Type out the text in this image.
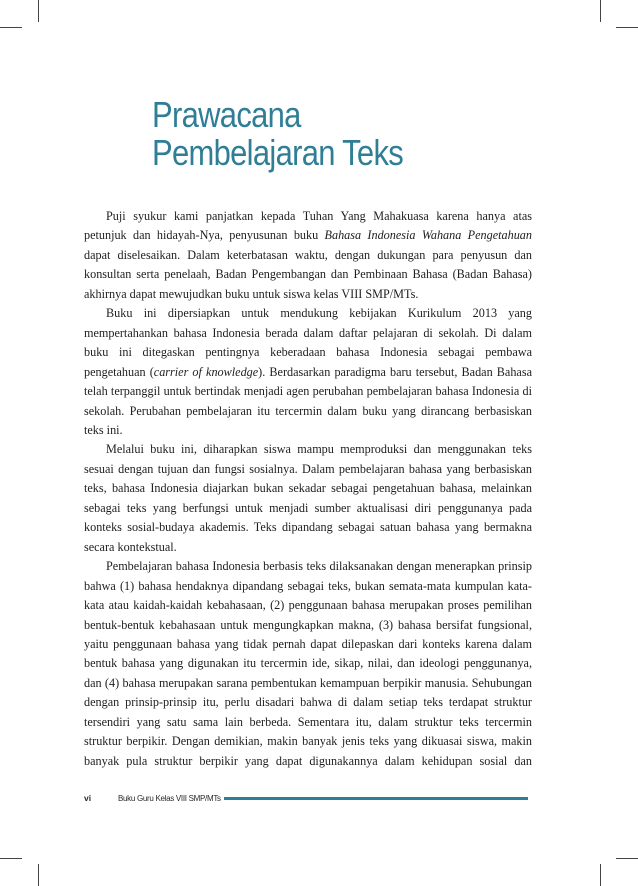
Prawacana
Pembelajaran Teks

Puji syukur kami panjatkan kepada Tuhan Yang Mahakuasa karena hanya atas petunjuk dan hidayah-Nya, penyusunan buku Bahasa Indonesia Wahana Pengetahuan dapat diselesaikan. Dalam keterbatasan waktu, dengan dukungan para penyusun dan konsultan serta penelaah, Badan Pengembangan dan Pembinaan Bahasa (Badan Bahasa) akhirnya dapat mewujudkan buku untuk siswa kelas VIII SMP/MTs.

Buku ini dipersiapkan untuk mendukung kebijakan Kurikulum 2013 yang mempertahankan bahasa Indonesia berada dalam daftar pelajaran di sekolah. Di dalam buku ini ditegaskan pentingnya keberadaan bahasa Indonesia sebagai pembawa pengetahuan (carrier of knowledge). Berdasarkan paradigma baru tersebut, Badan Bahasa telah terpanggil untuk bertindak menjadi agen perubahan pembelajaran bahasa Indonesia di sekolah. Perubahan pembelajaran itu tercermin dalam buku yang dirancang berbasiskan teks ini.

Melalui buku ini, diharapkan siswa mampu memproduksi dan menggunakan teks sesuai dengan tujuan dan fungsi sosialnya. Dalam pembelajaran bahasa yang berbasiskan teks, bahasa Indonesia diajarkan bukan sekadar sebagai pengetahuan bahasa, melainkan sebagai teks yang berfungsi untuk menjadi sumber aktualisasi diri penggunanya pada konteks sosial-budaya akademis. Teks dipandang sebagai satuan bahasa yang bermakna secara kontekstual.

Pembelajaran bahasa Indonesia berbasis teks dilaksanakan dengan menerapkan prinsip bahwa (1) bahasa hendaknya dipandang sebagai teks, bukan semata-mata kumpulan kata-kata atau kaidah-kaidah kebahasaan, (2) penggunaan bahasa merupakan proses pemilihan bentuk-bentuk kebahasaan untuk mengungkapkan makna, (3) bahasa bersifat fungsional, yaitu penggunaan bahasa yang tidak pernah dapat dilepaskan dari konteks karena dalam bentuk bahasa yang digunakan itu tercermin ide, sikap, nilai, dan ideologi penggunanya, dan (4) bahasa merupakan sarana pembentukan kemampuan berpikir manusia. Sehubungan dengan prinsip-prinsip itu, perlu disadari bahwa di dalam setiap teks terdapat struktur tersendiri yang satu sama lain berbeda. Sementara itu, dalam struktur teks tercermin struktur berpikir. Dengan demikian, makin banyak jenis teks yang dikuasai siswa, makin banyak pula struktur berpikir yang dapat digunakannya dalam kehidupan sosial dan

vi	Buku Guru Kelas VIII SMP/MTs
